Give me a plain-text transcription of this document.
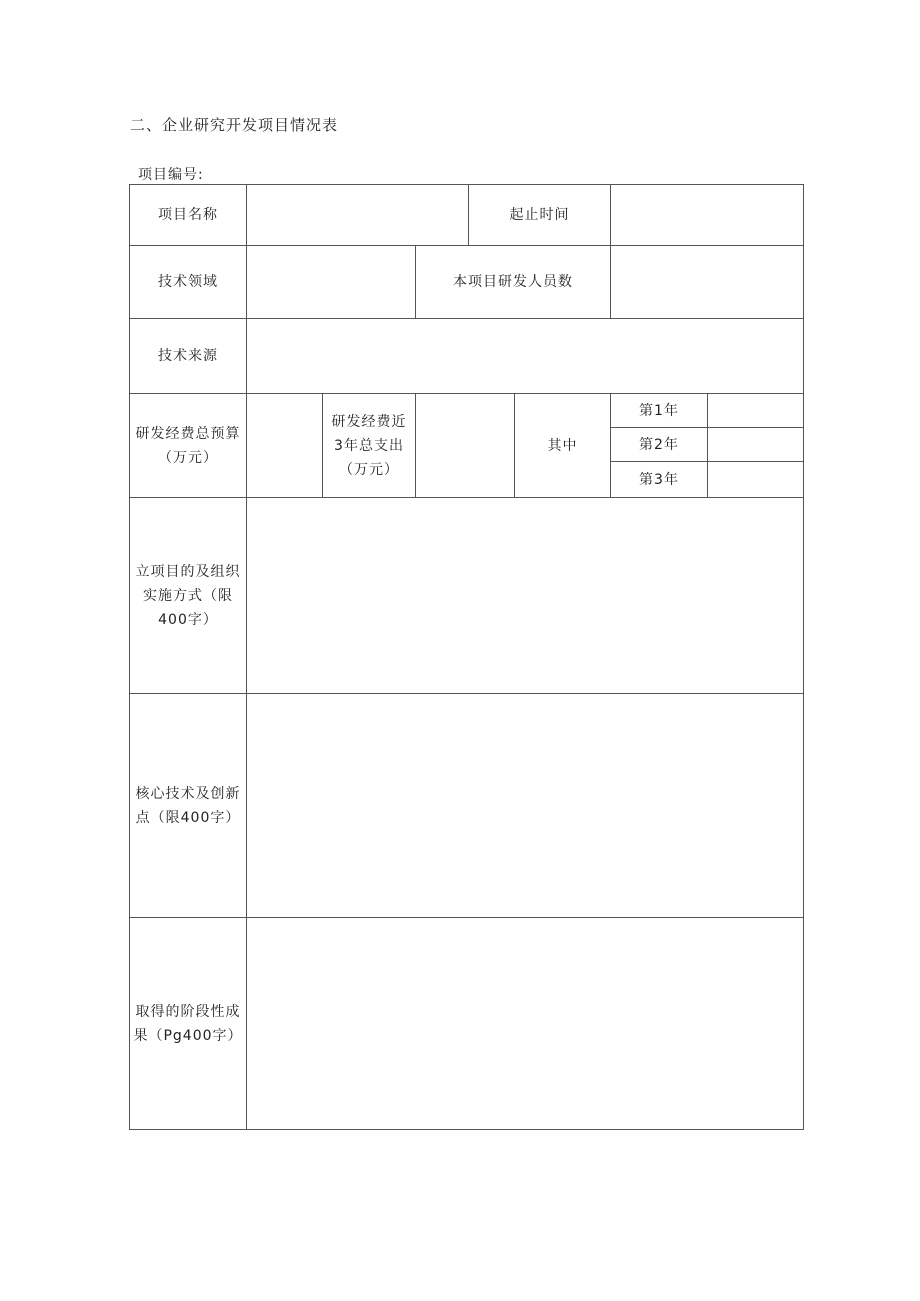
二、企业研究开发项目情况表
项目编号:
项目名称	起止时间
技术领域	本项目研发人员数
技术来源
研发经费总预算
（万元）
研发经费近
3年总支出
（万元）
其中
第1年
第2年
第3年
立项目的及组织
实施方式（限
400字）
核心技术及创新
点（限400字）
取得的阶段性成
果（Pg400字）
